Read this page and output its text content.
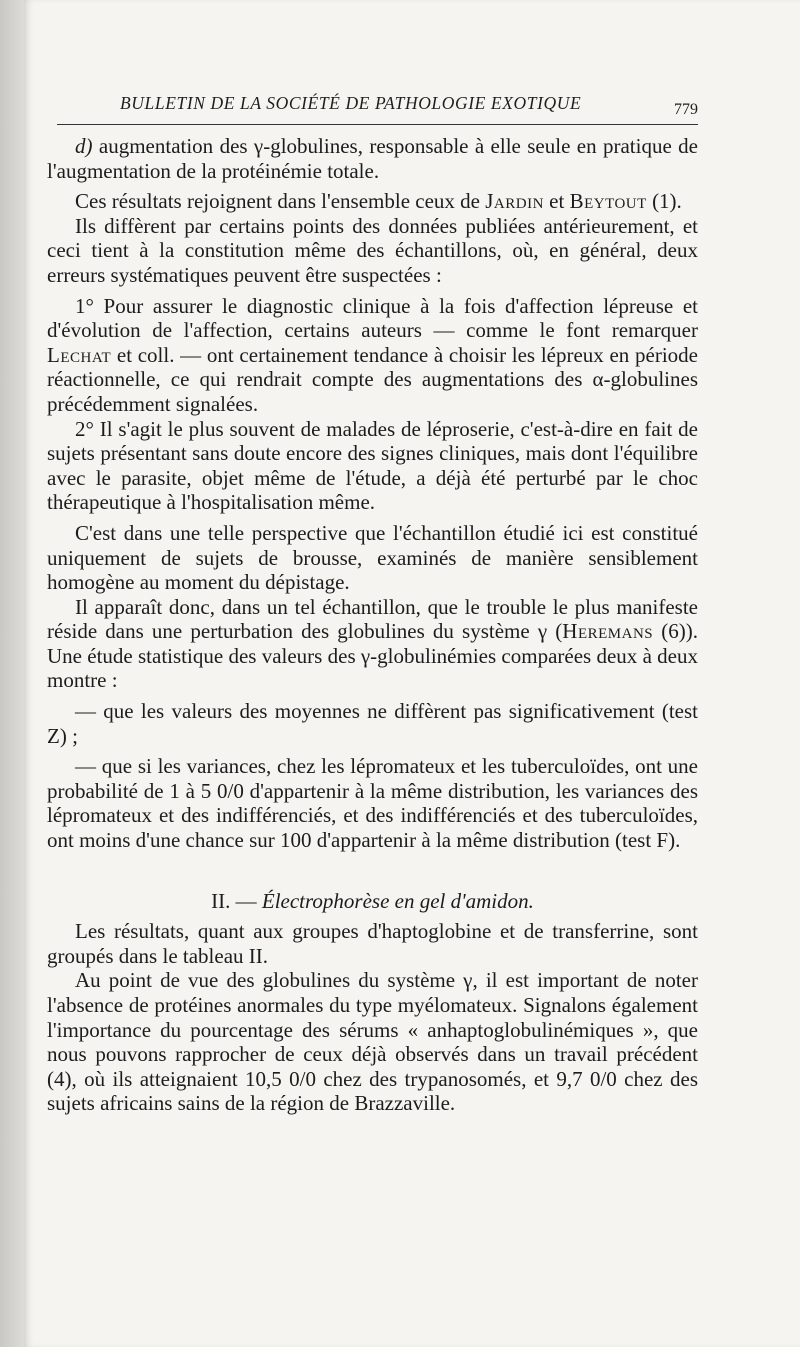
BULLETIN DE LA SOCIÉTÉ DE PATHOLOGIE EXOTIQUE	779

d) augmentation des γ-globulines, responsable à elle seule en pratique de l'augmentation de la protéinémie totale.

Ces résultats rejoignent dans l'ensemble ceux de Jardin et Beytout (1).

Ils diffèrent par certains points des données publiées antérieurement, et ceci tient à la constitution même des échantillons, où, en général, deux erreurs systématiques peuvent être suspectées :

1° Pour assurer le diagnostic clinique à la fois d'affection lépreuse et d'évolution de l'affection, certains auteurs — comme le font remarquer Lechat et coll. — ont certainement tendance à choisir les lépreux en période réactionnelle, ce qui rendrait compte des augmentations des α-globulines précédemment signalées.

2° Il s'agit le plus souvent de malades de léproserie, c'est-à-dire en fait de sujets présentant sans doute encore des signes cliniques, mais dont l'équilibre avec le parasite, objet même de l'étude, a déjà été perturbé par le choc thérapeutique à l'hospitalisation même.

C'est dans une telle perspective que l'échantillon étudié ici est constitué uniquement de sujets de brousse, examinés de manière sensiblement homogène au moment du dépistage.

Il apparaît donc, dans un tel échantillon, que le trouble le plus manifeste réside dans une perturbation des globulines du système γ (Heremans (6)). Une étude statistique des valeurs des γ-globulinémies comparées deux à deux montre :

— que les valeurs des moyennes ne diffèrent pas significativement (test Z) ;

— que si les variances, chez les lépromateux et les tuberculoïdes, ont une probabilité de 1 à 5 0/0 d'appartenir à la même distribution, les variances des lépromateux et des indifférenciés, et des indifférenciés et des tuberculoïdes, ont moins d'une chance sur 100 d'appartenir à la même distribution (test F).

II. — Électrophorèse en gel d'amidon.

Les résultats, quant aux groupes d'haptoglobine et de transferrine, sont groupés dans le tableau II.

Au point de vue des globulines du système γ, il est important de noter l'absence de protéines anormales du type myélomateux. Signalons également l'importance du pourcentage des sérums « anhaptoglobulinémiques », que nous pouvons rapprocher de ceux déjà observés dans un travail précédent (4), où ils atteignaient 10,5 0/0 chez des trypanosomés, et 9,7 0/0 chez des sujets africains sains de la région de Brazzaville.
